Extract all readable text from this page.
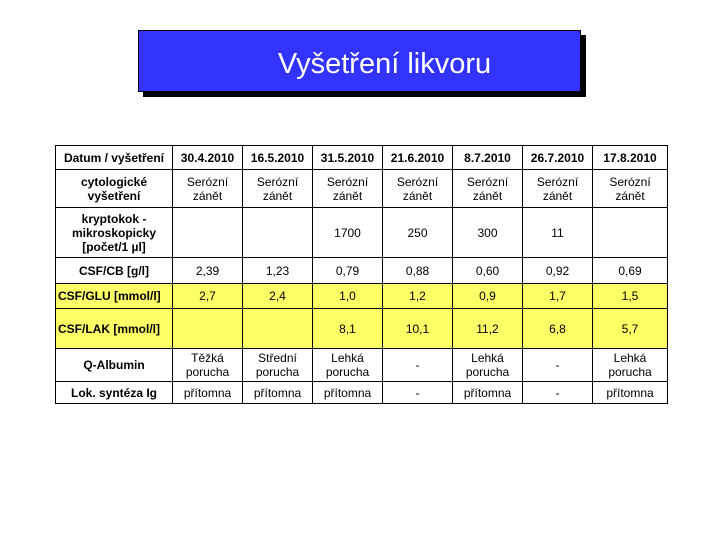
Vyšetření likvoru
Datum / vyšetření	30.4.2010	16.5.2010	31.5.2010	21.6.2010	8.7.2010	26.7.2010	17.8.2010
cytologické vyšetření	Serózní zánět	Serózní zánět	Serózní zánět	Serózní zánět	Serózní zánět	Serózní zánět	Serózní zánět
kryptokok - mikroskopicky [počet/1 µl]			1700	250	300	11	
CSF/CB [g/l]	2,39	1,23	0,79	0,88	0,60	0,92	0,69
CSF/GLU [mmol/l]	2,7	2,4	1,0	1,2	0,9	1,7	1,5
CSF/LAK [mmol/l]			8,1	10,1	11,2	6,8	5,7
Q-Albumin	Těžká porucha	Střední porucha	Lehká porucha	-	Lehká porucha	-	Lehká porucha
Lok. syntéza Ig	přítomna	přítomna	přítomna	-	přítomna	-	přítomna
